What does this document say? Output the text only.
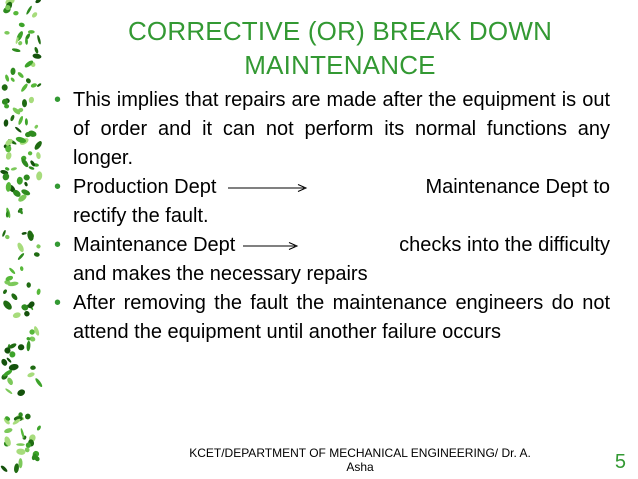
CORRECTIVE (OR) BREAK DOWN
MAINTENANCE
• This implies that repairs are made after the equipment is out of order and it can not perform its normal functions any longer.
• Production Dept	Maintenance Dept to
rectify the fault.
• Maintenance Dept	checks into the difficulty
and makes the necessary repairs
• After removing the fault the maintenance engineers do not attend the equipment until another failure occurs
KCET/DEPARTMENT OF MECHANICAL ENGINEERING/ Dr. A.
Asha	5
